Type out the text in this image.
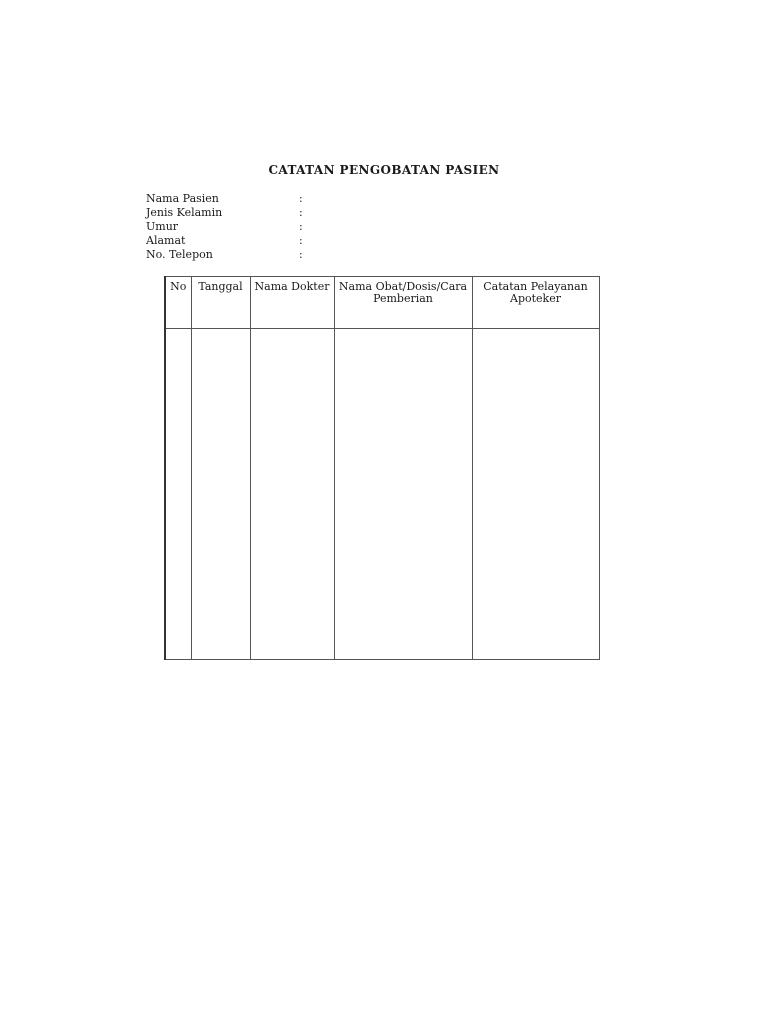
CATATAN PENGOBATAN PASIEN
Nama Pasien	:
Jenis Kelamin	:
Umur	:
Alamat	:
No. Telepon	:
No	Tanggal	Nama Dokter	Nama Obat/Dosis/Cara Pemberian	Catatan Pelayanan Apoteker
